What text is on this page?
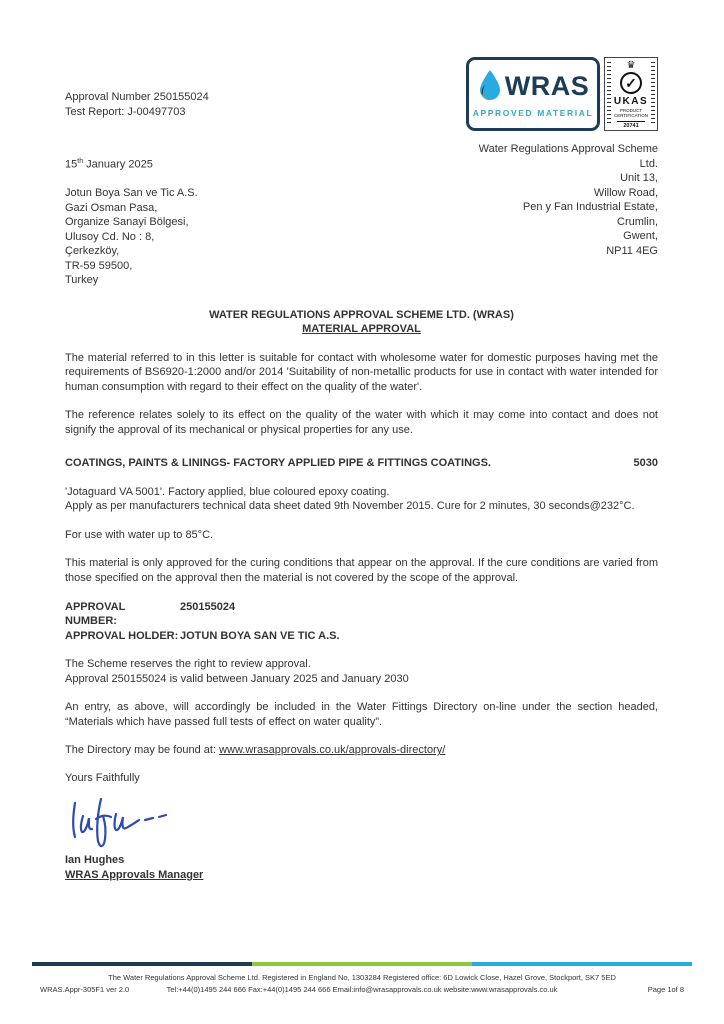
Approval Number 250155024
Test Report: J-00497703
15th January 2025
Jotun Boya San ve Tic A.S.
Gazi Osman Pasa,
Organize Sanayi Bölgesi,
Ulusoy Cd. No : 8,
Çerkezköy,
TR-59 59500,
Turkey
WRAS
APPROVED MATERIAL
♛
✓
UKAS
PRODUCT
CERTIFICATION
20741
Water Regulations Approval Scheme Ltd.
Unit 13,
Willow Road,
Pen y Fan Industrial Estate,
Crumlin,
Gwent,
NP11 4EG
WATER REGULATIONS APPROVAL SCHEME LTD. (WRAS)
MATERIAL APPROVAL

The material referred to in this letter is suitable for contact with wholesome water for domestic purposes having met the requirements of BS6920-1:2000 and/or 2014 'Suitability of non-metallic products for use in contact with water intended for human consumption with regard to their effect on the quality of the water'.

The reference relates solely to its effect on the quality of the water with which it may come into contact and does not signify the approval of its mechanical or physical properties for any use.

COATINGS, PAINTS & LININGS- FACTORY APPLIED PIPE & FITTINGS COATINGS.	5030
'Jotaguard VA 5001'. Factory applied, blue coloured epoxy coating.
Apply as per manufacturers technical data sheet dated 9th November 2015. Cure for 2 minutes, 30 seconds@232°C.
For use with water up to 85°C.

This material is only approved for the curing conditions that appear on the approval. If the cure conditions are varied from those specified on the approval then the material is not covered by the scope of the approval.

APPROVAL NUMBER:
250155024
APPROVAL HOLDER: JOTUN BOYA SAN VE TIC A.S.
The Scheme reserves the right to review approval.
Approval 250155024 is valid between January 2025 and January 2030

An entry, as above, will accordingly be included in the Water Fittings Directory on-line under the section headed, “Materials which have passed full tests of effect on water quality”.

The Directory may be found at: www.wrasapprovals.co.uk/approvals-directory/
Yours Faithfully
Ian Hughes
WRAS Approvals Manager
The Water Regulations Approval Scheme Ltd. Registered in England No, 1303284 Registered office: 6D Lowick Close, Hazel Grove, Stockport, SK7 5ED
Tel:+44(0)1495 244 666 Fax:+44(0)1495 244 666 Email:info@wrasapprovals.co.uk website:www.wrasapprovals.co.uk
WRAS.Appr-305F1 ver 2.0	Page 1of 8
